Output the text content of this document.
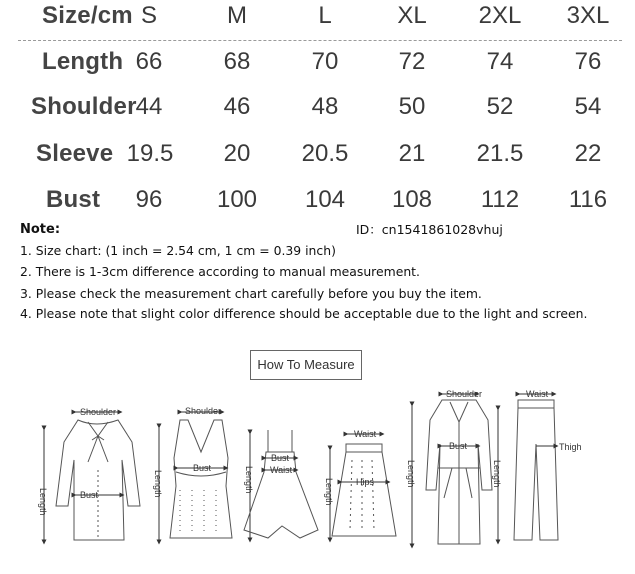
Size/cm S	M	L	XL 2XL 3XL
Length 66	68	70	72	74	76
Shoulder 44	46	48	50	52	54
Sleeve 19.5 20 20.5 21 21.5 22
Bust 96 100 104 108 112 116
Note:	ID：cn1541861028vhuj
1. Size chart: (1 inch = 2.54 cm, 1 cm = 0.39 inch)
2. There is 1-3cm difference according to manual measurement.
3. Please check the measurement chart carefully before you buy the item.
4. Please note that slight color difference should be acceptable due to the light and screen.
How To Measure
Shoulder
Length	Bust
Shoulder
Length
Bust	Length
Bust
Waist
Length
Waist
Hips
Shoulder
Length
Bust
Waist
Length
Thigh
